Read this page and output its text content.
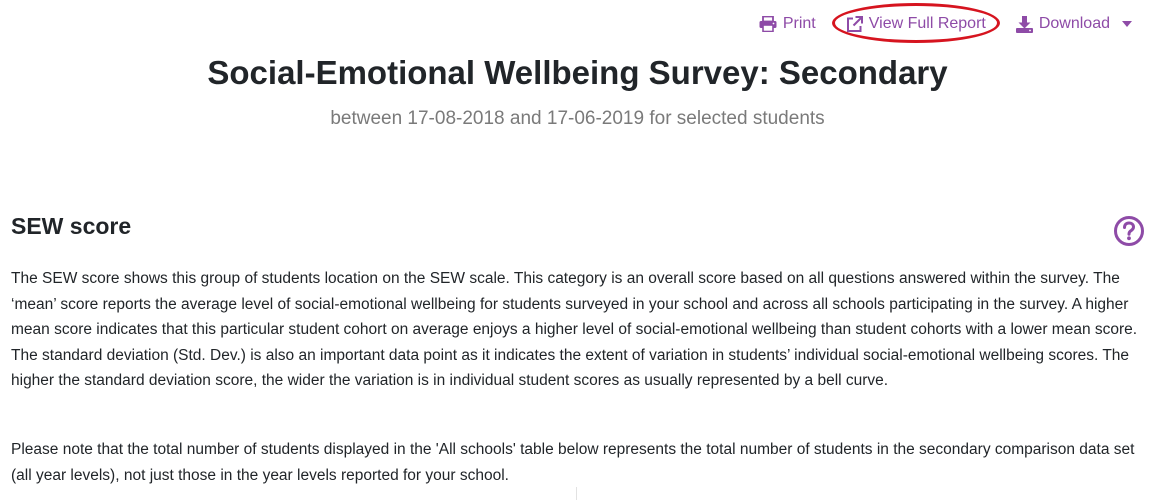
Print	View Full Report	Download
Social-Emotional Wellbeing Survey: Secondary
between 17-08-2018 and 17-06-2019 for selected students
SEW score

The SEW score shows this group of students location on the SEW scale. This category is an overall score based on all questions answered within the survey. The ‘mean’ score reports the average level of social-emotional wellbeing for students surveyed in your school and across all schools participating in the survey. A higher mean score indicates that this particular student cohort on average enjoys a higher level of social-emotional wellbeing than student cohorts with a lower mean score. The standard deviation (Std. Dev.) is also an important data point as it indicates the extent of variation in students’ individual social-emotional wellbeing scores. The higher the standard deviation score, the wider the variation is in individual student scores as usually represented by a bell curve.

Please note that the total number of students displayed in the 'All schools' table below represents the total number of students in the secondary comparison data set (all year levels), not just those in the year levels reported for your school.
